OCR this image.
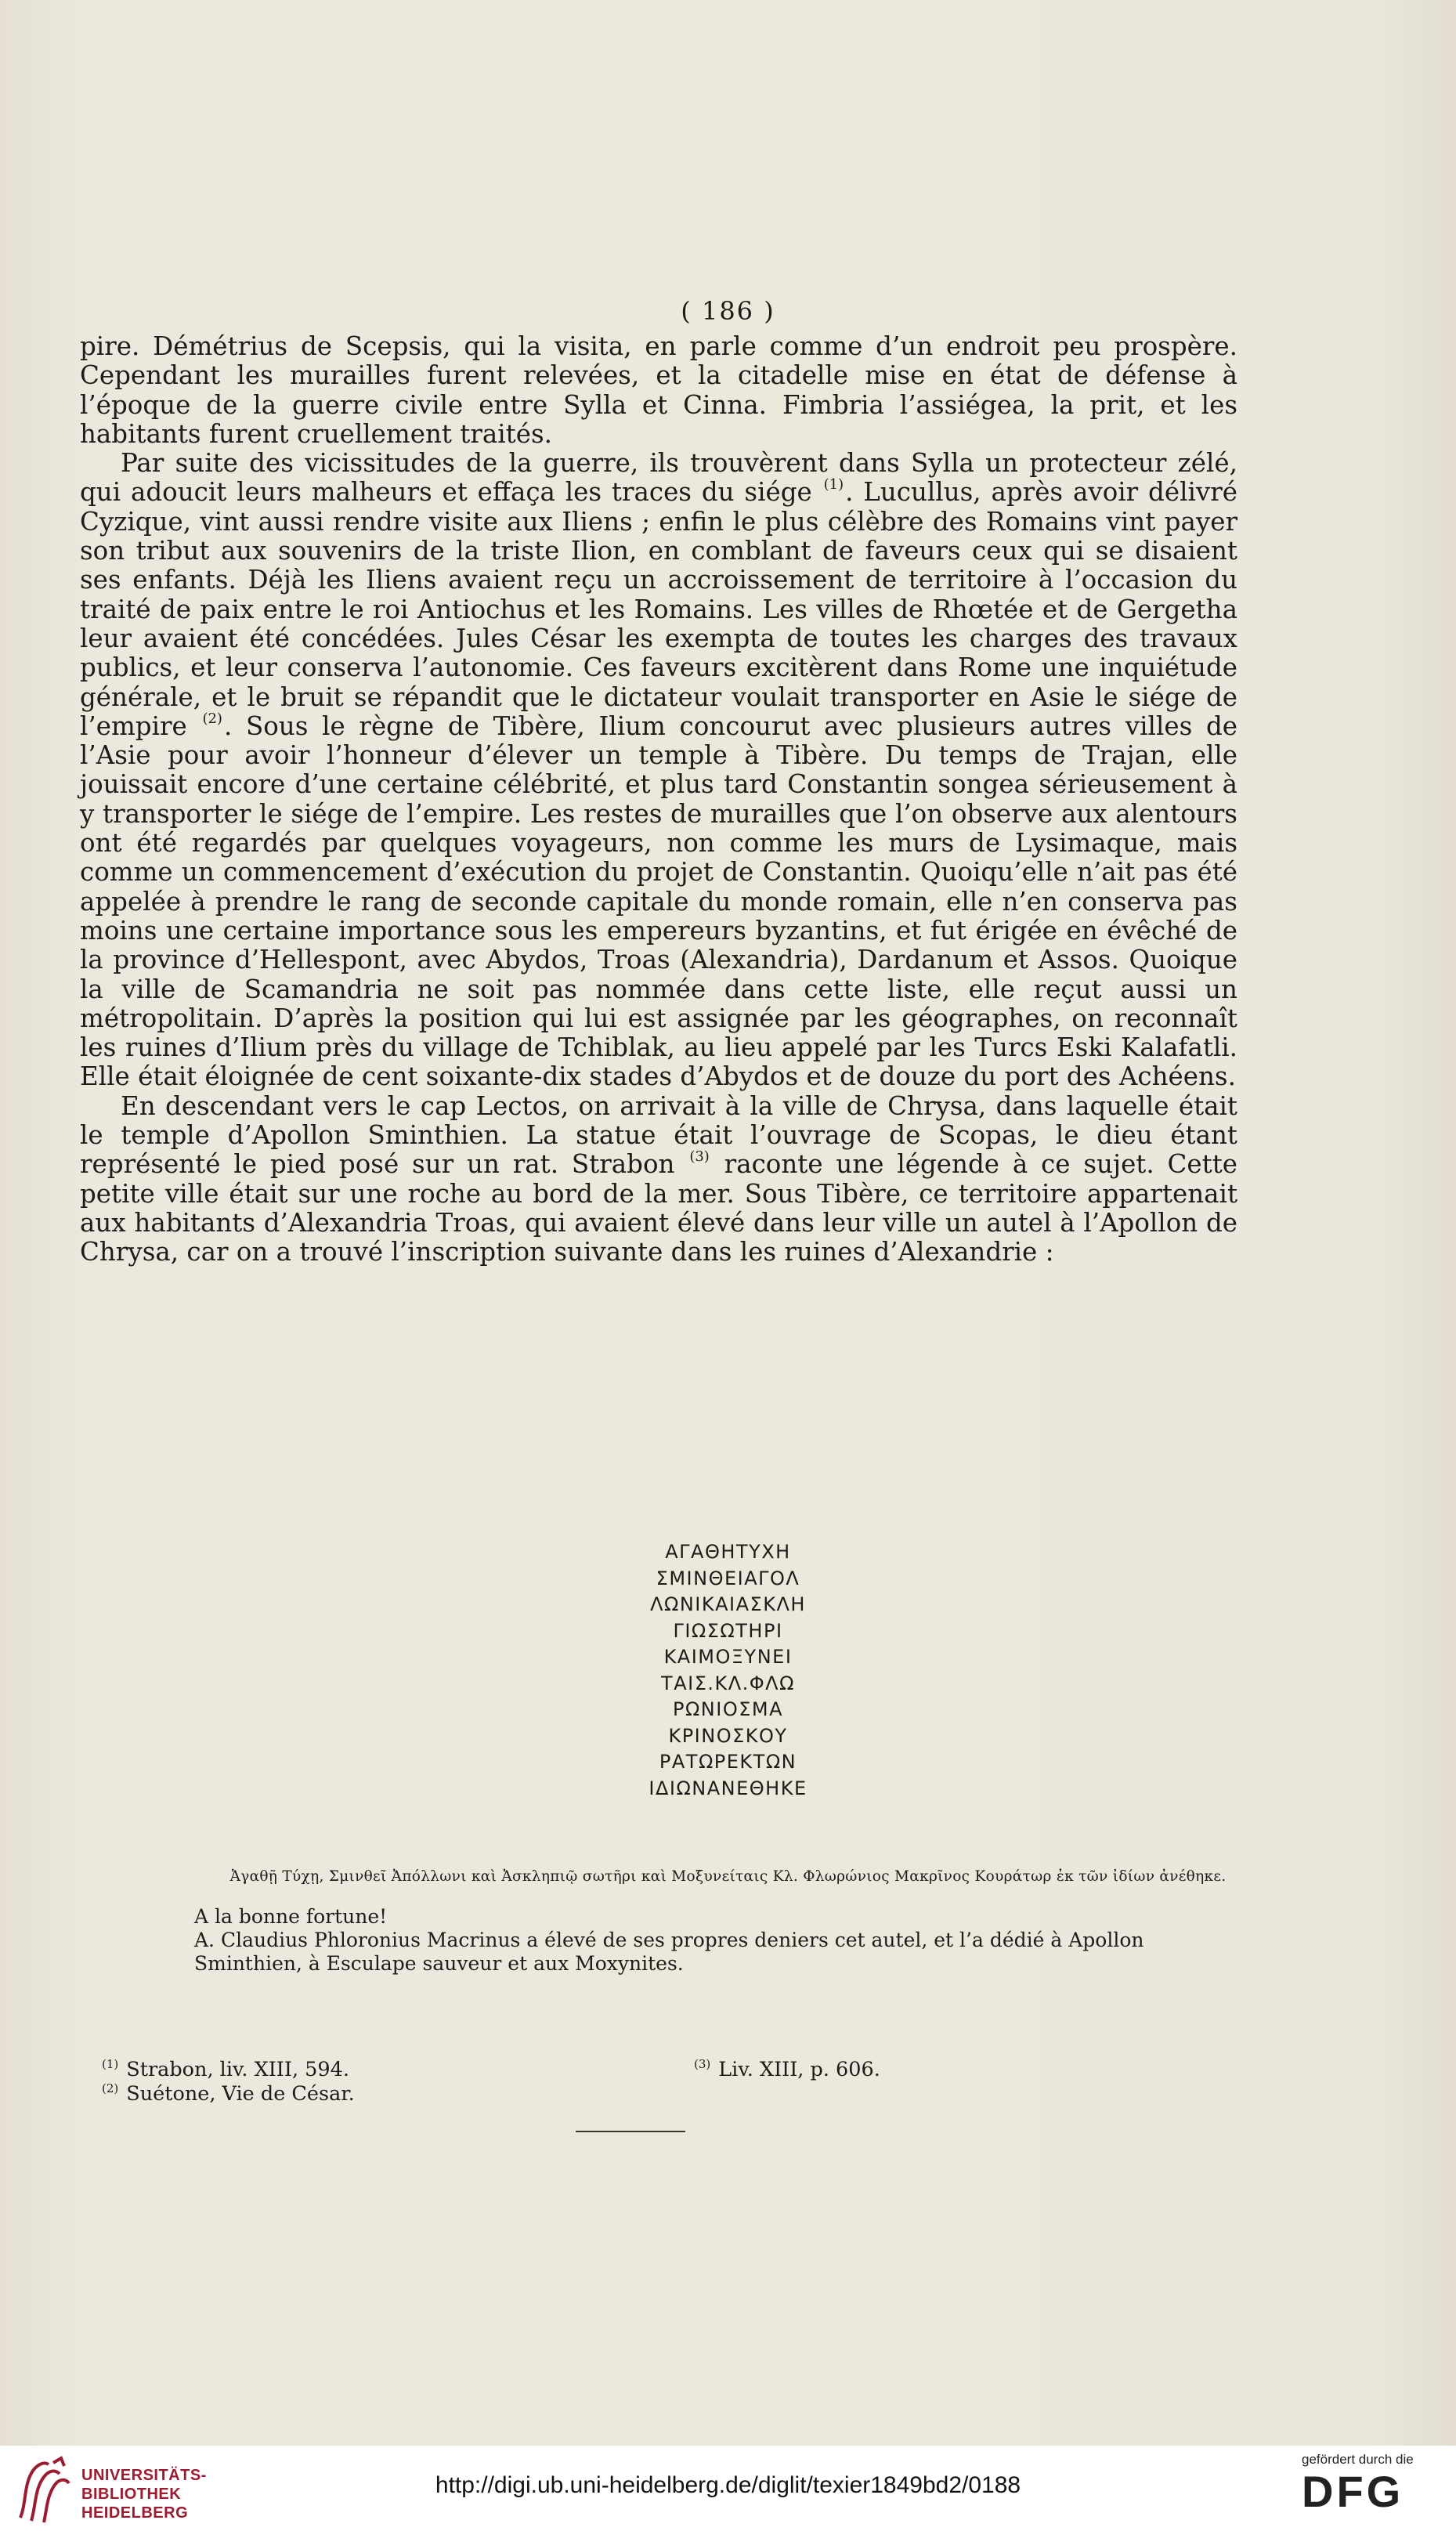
( 186 )

pire. Démétrius de Scepsis, qui la visita, en parle comme d’un endroit peu prospère. Cependant les murailles furent relevées, et la citadelle mise en état de défense à l’époque de la guerre civile entre Sylla et Cinna. Fimbria l’assiégea, la prit, et les habitants furent cruellement traités.

Par suite des vicissitudes de la guerre, ils trouvèrent dans Sylla un protecteur zélé, qui adoucit leurs malheurs et effaça les traces du siége $^{(1)}$. Lucullus, après avoir délivré Cyzique, vint aussi rendre visite aux Iliens ; enfin le plus célèbre des Romains vint payer son tribut aux souvenirs de la triste Ilion, en comblant de faveurs ceux qui se disaient ses enfants. Déjà les Iliens avaient reçu un accroissement de territoire à l’occasion du traité de paix entre le roi Antiochus et les Romains. Les villes de Rhœtée et de Gergetha leur avaient été concédées. Jules César les exempta de toutes les charges des travaux publics, et leur conserva l’autonomie. Ces faveurs excitèrent dans Rome une inquiétude générale, et le bruit se répandit que le dictateur voulait transporter en Asie le siége de l’empire $^{(2)}$. Sous le règne de Tibère, Ilium concourut avec plusieurs autres villes de l’Asie pour avoir l’honneur d’élever un temple à Tibère. Du temps de Trajan, elle jouissait encore d’une certaine célébrité, et plus tard Constantin songea sérieusement à y transporter le siége de l’empire. Les restes de murailles que l’on observe aux alentours ont été regardés par quelques voyageurs, non comme les murs de Lysimaque, mais comme un commencement d’exécution du projet de Constantin. Quoiqu’elle n’ait pas été appelée à prendre le rang de seconde capitale du monde romain, elle n’en conserva pas moins une certaine importance sous les empereurs byzantins, et fut érigée en évêché de la province d’Hellespont, avec Abydos, Troas (Alexandria), Dardanum et Assos. Quoique la ville de Scamandria ne soit pas nommée dans cette liste, elle reçut aussi un métropolitain. D’après la position qui lui est assignée par les géographes, on reconnaît les ruines d’Ilium près du village de Tchiblak, au lieu appelé par les Turcs Eski Kalafatli. Elle était éloignée de cent soixante-dix stades d’Abydos et de douze du port des Achéens.

En descendant vers le cap Lectos, on arrivait à la ville de Chrysa, dans laquelle était le temple d’Apollon Sminthien. La statue était l’ouvrage de Scopas, le dieu étant représenté le pied posé sur un rat. Strabon $^{(3)}$ raconte une légende à ce sujet. Cette petite ville était sur une roche au bord de la mer. Sous Tibère, ce territoire appartenait aux habitants d’Alexandria Troas, qui avaient élevé dans leur ville un autel à l’Apollon de Chrysa, car on a trouvé l’inscription suivante dans les ruines d’Alexandrie :

ΑΓΑΘΗΤΥΧΗ
ΣΜΙΝΘΕΙΑΓΟΛ
ΛΩΝΙΚΑΙΑΣΚΛΗ
ΓΙΩΣΩΤΗΡΙ
ΚΑΙΜΟΞΥΝΕΙ
ΤΑΙΣ.ΚΛ.ΦΛΩ
ΡΩΝΙΟΣΜΑ
ΚΡΙΝΟΣΚΟΥ
ΡΑΤΩΡΕΚΤΩΝ
ΙΔΙΩΝΑΝΕΘΗΚΕ
Ἀγαθῇ Τύχῃ, Σμινθεῖ Ἀπόλλωνι καὶ Ἀσκληπιῷ σωτῆρι καὶ Μοξυνείταις Κλ. Φλωρώνιος Μακρῖνος Κουράτωρ ἐκ τῶν ἰδίων ἀνέθηκε.
A la bonne fortune!
A. Claudius Phloronius Macrinus a élevé de ses propres deniers cet autel, et l’a dédié à Apollon
Sminthien, à Esculape sauveur et aux Moxynites.
$^{(1)}$ Strabon, liv. XIII, 594.
$^{(2)}$ Suétone, Vie de César.
$^{(3)}$ Liv. XIII, p. 606.
UNIVERSITÄTS-
BIBLIOTHEK
HEIDELBERG
http://digi.ub.uni-heidelberg.de/diglit/texier1849bd2/0188
gefördert durch die
DFG
